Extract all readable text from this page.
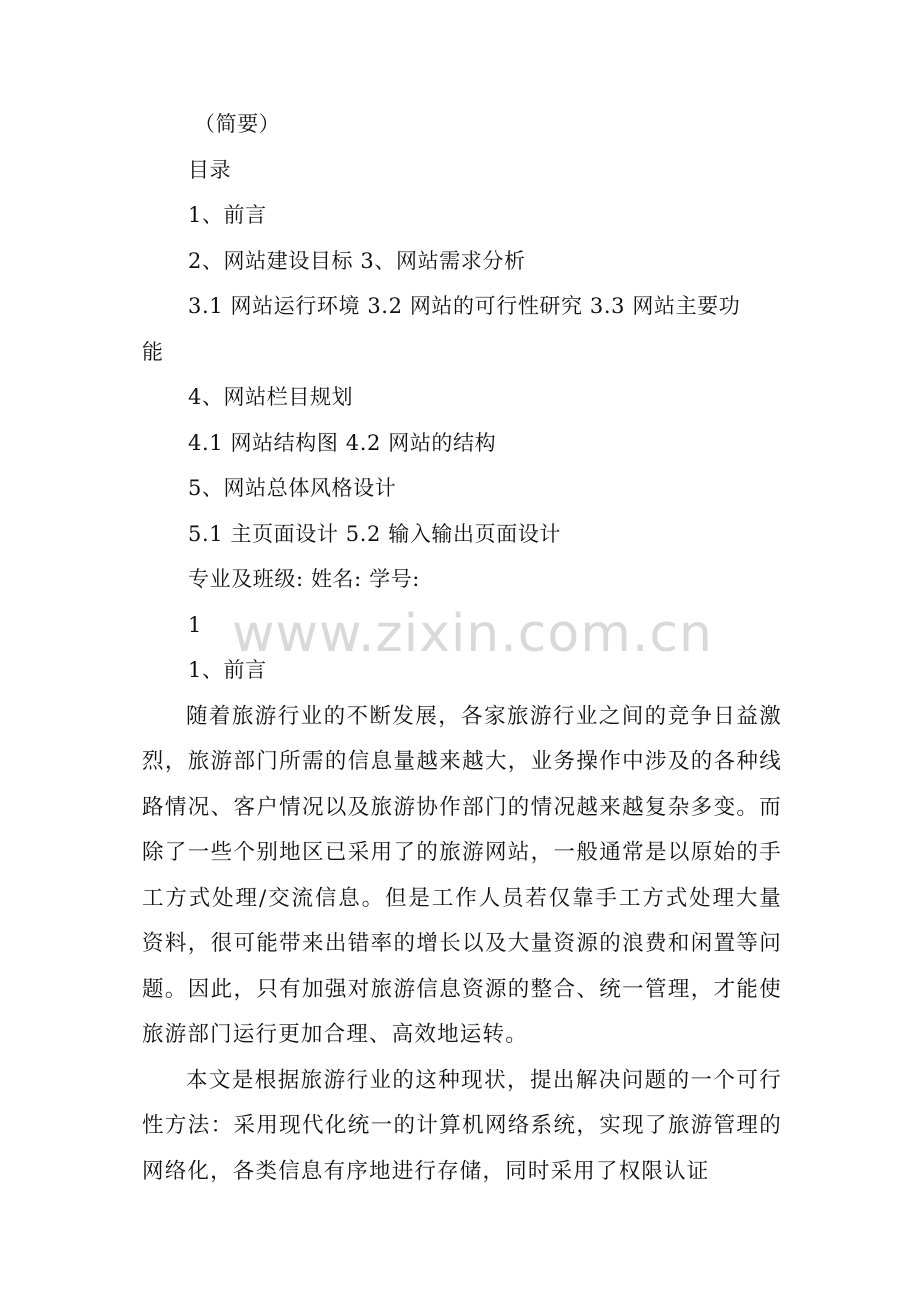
（简要）
目录
1、前言
2、网站建设目标 3、网站需求分析
3.1 网站运行环境 3.2 网站的可行性研究 3.3 网站主要功
能
4、网站栏目规划
4.1 网站结构图 4.2 网站的结构
5、网站总体风格设计
5.1 主页面设计 5.2 输入输出页面设计
专业及班级: 姓名: 学号:
1
1、前言

随着旅游行业的不断发展，各家旅游行业之间的竞争日益激烈，旅游部门所需的信息量越来越大，业务操作中涉及的各种线路情况、客户情况以及旅游协作部门的情况越来越复杂多变。而除了一些个别地区已采用了的旅游网站，一般通常是以原始的手工方式处理/交流信息。但是工作人员若仅靠手工方式处理大量资料，很可能带来出错率的增长以及大量资源的浪费和闲置等问题。因此，只有加强对旅游信息资源的整合、统一管理，才能使旅游部门运行更加合理、高效地运转。

本文是根据旅游行业的这种现状，提出解决问题的一个可行性方法：采用现代化统一的计算机网络系统，实现了旅游管理的网络化，各类信息有序地进行存储，同时采用了权限认证

www.zixin.com.cn
